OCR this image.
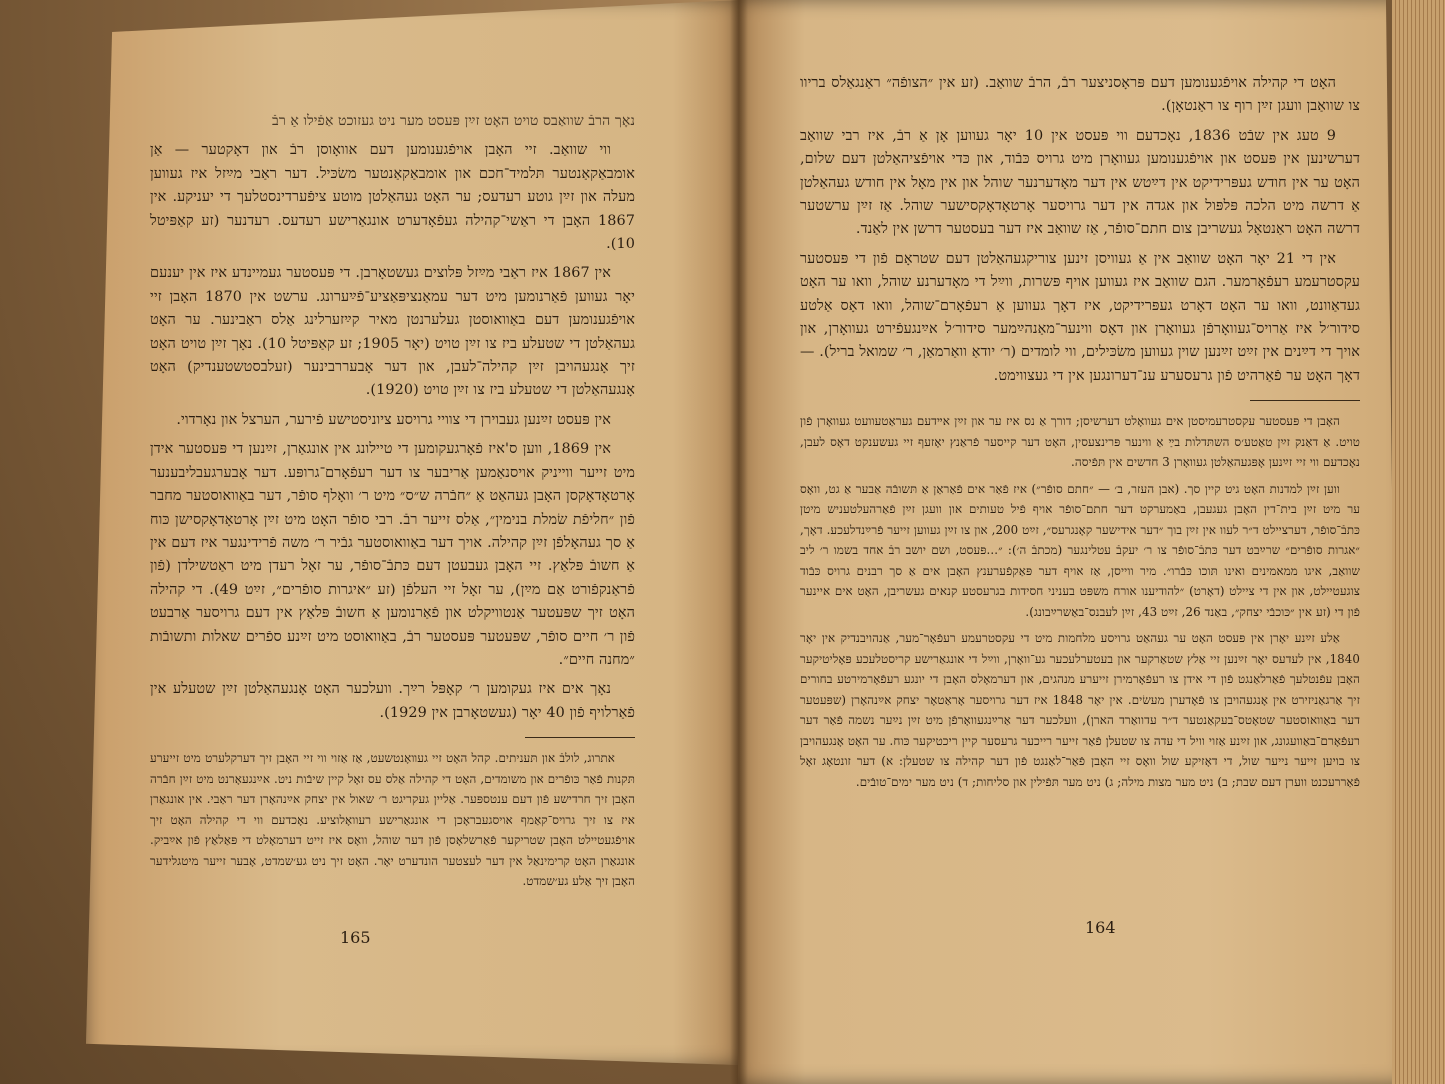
נאָך הרבֿ שוואַבס טויט האָט זײַן פּעסט מער ניט געזוכט אַפֿילו אַ רבֿ

ווי שוואַב. זיי האָבן אויפֿגענומען דעם אוואָוסן רבֿ און דאָקטער — אַן אומבאַקאַנטער תּלמיד־חכם און אומבאַקאַנטער משׂכּיל. דער ראַבי מײַזל איז געווען מעלה און זײַן גוטע רעדעס; ער האָט געהאַלטן מוטע ציפֿערדינסטלעך די יעניקע. אין 1867 האָבן די ראַשי־קהילה געפֿאָדערט אונגאַרישע רעדעס. רעדנער (זע קאַפּיטל 10).

אין 1867 איז ראַבי מײַזל פּלוצים געשטאָרבן. די פּעסטער געמיינדע איז אין יענעם יאָר געווען פֿאַרנומען מיט דער עמאַנציפּאַציע־פֿײַערונג. ערשט אין 1870 האָבן זיי אויפֿגענומען דעם באַוואוסטן געלערנטן מאיר קײַזערלינג אַלס ראַבינער. ער האָט געהאַלטן די שטעלע ביז צו זײַן טויט (יאָר 1905; זע קאַפּיטל 10). נאָך זײַן טויט האָט זיך אָנגעהויבן זײַן קהילה־לעבן, און דער אָבעררבינער (זעלבסטשטענדיק) האָט אָנגעהאַלטן די שטעלע ביז צו זײַן טויט (1920).

אין פּעסט זײַנען געבוירן די צוויי גרויסע ציוניסטישע פֿירער, הערצל און נאָרדוי.

אין 1869, ווען ס'איז פֿאָרגעקומען די טיילונג אין אונגאַרן, זײַנען די פּעסטער אידן מיט זייער ווייניק אויסנאַמען אַריבער צו דער רעפֿאָרם־גרופּע. דער אָבערגעבליבענער אָרטאָדאָקסן האָבן געהאַט אַ ״חבֿרה ש״ס״ מיט ר׳ וואָלף סופֿר, דער באַוואוסטער מחבר פֿון ״חליפֿת שׂמלת בנימין״, אַלס זייער רבֿ. רבי סופֿר האָט מיט זײַן אָרטאָדאָקסישן כּוח אַ סך געהאָלפֿן זײַן קהילה. אויך דער באַוואוסטער גבֿיר ר׳ משה פֿרידינגער איז דעם אין אַ חשובֿ פּלאַץ. זיי האָבן געבעטן דעם כּתבֿ־סופֿר, ער זאָל רעדן מיט ראַטשילדן (פֿון פֿראַנקפֿורט אַם מײַן), ער זאָל זיי העלפֿן (זע ״איגרות סופֿרים״, זײַט 49). די קהילה האָט זיך שפּעטער אַנטוויקלט און פֿאַרנומען אַ חשובֿ פּלאַץ אין דעם גרויסער אַרבעט פֿון ר׳ חיים סופֿר, שפּעטער פּעסטער רבֿ, באַוואוסט מיט זײַנע ספֿרים שאלות ותשובֿות ״מחנה חיים״.

נאָך אים איז געקומען ר׳ קאָפּל רײַך. וועלכער האָט אָנגעהאַלטן זײַן שטעלע אין פֿאַרלויף פֿון 40 יאָר (געשטאָרבן אין 1929).

אתרוג, לולבֿ און תּעניתים. קהל האָט זיי געװאָנטשעט, אַז אַזוי ווי זיי האָבן זיך דערקלערט מיט זייערע תּקנות פֿאַר כּופֿרים און משומדים, האָט די קהילה אַלס עס זאָל קיין שיבֿות ניט. אײַנגעאָרנט מיט זײַן חבֿרה האָבן זיך חרדישע פֿון דעם ענטספּער. אַליין געקריגט ר׳ שאול אין יצחק אײַנהאָרן דער ראַבי. אין אונגאַרן איז צו זיך גרויס־קאַמף אויסגעבראָכן די אונגאַרישע רעוואָלוציע. נאָכדעם ווי די קהילה האָט זיך אויפֿגעטיילט האָבן שטריקער פֿאַרשלאָסן פֿון דער שוהל, וואָס איז זייט דערמאָלט די פּאַלאַץ פֿון אײַביק. אונגאַרן האָט קרימינאַל אין דער לעצטער הונדערט יאָר. האָט זיך ניט גע׳שמדט, אָבער זייער מיטגלידער האָבן זיך אַלע גע׳שמדט.

165

האָט די קהילה אויפֿגענומען דעם פּראָסניצער רבֿ, הרבֿ שוואַב. (זע אין ״הצופֿה״ ראַנגאַלס בריוו צו שוואַבן וועגן זײַן רוף צו ראַנטאָן).

9 טעג אין שבֿט 1836, נאָכדעם ווי פּעסט אין 10 יאָר געווען אָן אַ רבֿ, איז רבי שוואַב דערשינען אין פּעסט און אויפֿגענומען געוואָרן מיט גרויס כּבֿוד, און כּדי אויפֿציהאַלטן דעם שלום, האָט ער אין חודש געפּרידיקט אין דײַטש אין דער מאָדערנער שוהל און אין מאָל אין חודש געהאַלטן אַ דרשה מיט הלכה פּלפּול און אגדה אין דער גרויסער אָרטאָדאָקסישער שוהל. אַז זײַן ערשטער דרשה האָט ראַנטאָל געשריבן צום חתם־סופֿר, אַז שוואַב איז דער בעסטער דרשן אין לאַנד.

אין די 21 יאָר האָט שוואַב אין אַ געוויסן זינען צוריקגעהאַלטן דעם שטראָם פֿון די פּעסטער עקסטרעמע רעפֿאָרמער. הגם שוואַב איז געווען אויף פּשרות, ווײַל די מאָדערנע שוהל, וואו ער האָט געדאַוונט, וואו ער האָט דאָרט געפּרידיקט, איז דאָך געווען אַ רעפֿאָרם־שוהל, וואו דאָס אַלטע סידור׳ל איז אַרויס־געוואָרפֿן געוואָרן און דאָס ווינער־מאַנהײַמער סידור׳ל אײַנגעפֿירט געוואָרן, און אויך די דײַנים אין זײַט זײַנען שוין געווען משׂכּילים, ווי לומדים (ר׳ יודאַ וואַרמאַן, ר׳ שמואל בריל). — דאָך האָט ער פֿאַרהיט פֿון גרעסערע ענ־דערונגען אין די געצווימט.

האָבן די פּעסטער עקסטרעמיסטן אים געוואָלט דערשיסן; דורך אַ נס איז ער און זײַן אײדעם געראַטעוועט געוואָרן פֿון טויט. אַ דאַנק זײַן טאַטע׳ס השתּדלות בײַ אַ ווינער פּרינצעסין, האָט דער קייסער פֿראַנץ יאָזעף זיי געשענקט דאָס לעבן, נאָכדעם ווי זיי זײַנען אָפּגעהאַלטן געוואָרן 3 חדשים אין תּפֿיסה.

ווען זײַן למדנות האָט גיט קיין סך. (אבן העזר, ב׳ — ״חתם סופֿר״) איז פֿאַר אים פֿאַראַן אַ תּשובֿה אַבער אַ גט, וואָס ער מיט זײַן בית־דין האָבן געגעבן, באַמערקט דער חתם־סופֿר אויף פֿיל טעותים און וועגן זײַן פֿאַרהעלטעניש מיטן כּתבֿ־סופֿר, דערציילט ד״ר לעוו אין זײַן בוך ״דער אידישער קאָנגרעס״, זײַט 200, און צו זײַן געווען זייער פֿרײַנדלעכע. דאָך, ״אגרות סופֿרים״ שרײַבט דער כּתבֿ־סופֿר צו ר׳ יעקבֿ עטלינגער (מכתבֿ ה׳): ״...פּעסט, ושם יושב רבֿ אחד בשמו ר׳ ליב שוואַב, איגו ממאמינים ואינו תּוכו כּבֿרו״. מיר ווייסן, אַז אויף דער פּאַקפֿערענץ האָבן אים אַ סך רבנים גרויס כּבֿוד צוגעטיילט, און אין די ציילט (דאָרט) ״להודיענו אורח משפּט בעניני חסידות בגרעסטע קנאים געשריבן, האָט אים איינער פֿון די (זע אין ״כּוכבֿי יצחק״, באַנד 26, זײַט 43, זײַן לעבנס־באַשרײַבונג).

אַלע זײַנע יאָרן אין פּעסט האָט ער געהאַט גרויסע מלחמות מיט די עקסטרעמע רעפֿאָר־מער, אַנהויבנדיק אין יאָר 1840, אין לעדעס יאָר זײַנען זיי אַלץ שטאַרקער און בעטערלעכער גע־וואָרן, ווײַל די אונגאַרישע קריסטלעכע פּאָליטיקער האָבן עפֿנטלעך פֿאַרלאַנגט פֿון די אידן צו רעפֿאָרמירן זייערע מנהגים, און דערמאָלס האָבן די יונגע רעפֿאָרמירטע בחורים זיך אַרגאַניזירט אין אָנגעהויבן צו פֿאָדערן מעשׂים. אין יאָר 1848 איז דער גרויסער אָראַטאָר יצחק אײַנהאָרן (שפּעטער דער באַוואוסטער שטאָטס־בעקאַנטער ד״ר עדוואַרד הארן), וועלכער דער אַרײַנגעוואָרפֿן מיט זײַן נײַער נשמה פֿאַר דער רעפֿאָרם־באַוועגונג, און זײַנע אַזוי וויל די עדה צו שטעלן פֿאַר זייער רייכער גרעסער קיין ריכטיקער כּוח. ער האָט אָנגעהויבן צו בויען זייער נייער שול, די דאָזיקע שול וואָס זיי האָבן פֿאַר־לאַנגט פֿון דער קהילה צו שטעלן: א) דער זונטאָג זאָל פֿאַררעכנט ווערן דעם שבת; ב) ניט מער מצות מילה; ג) ניט מער תּפֿילין און סליחות; ד) ניט מער ימים־טובֿים.

164
